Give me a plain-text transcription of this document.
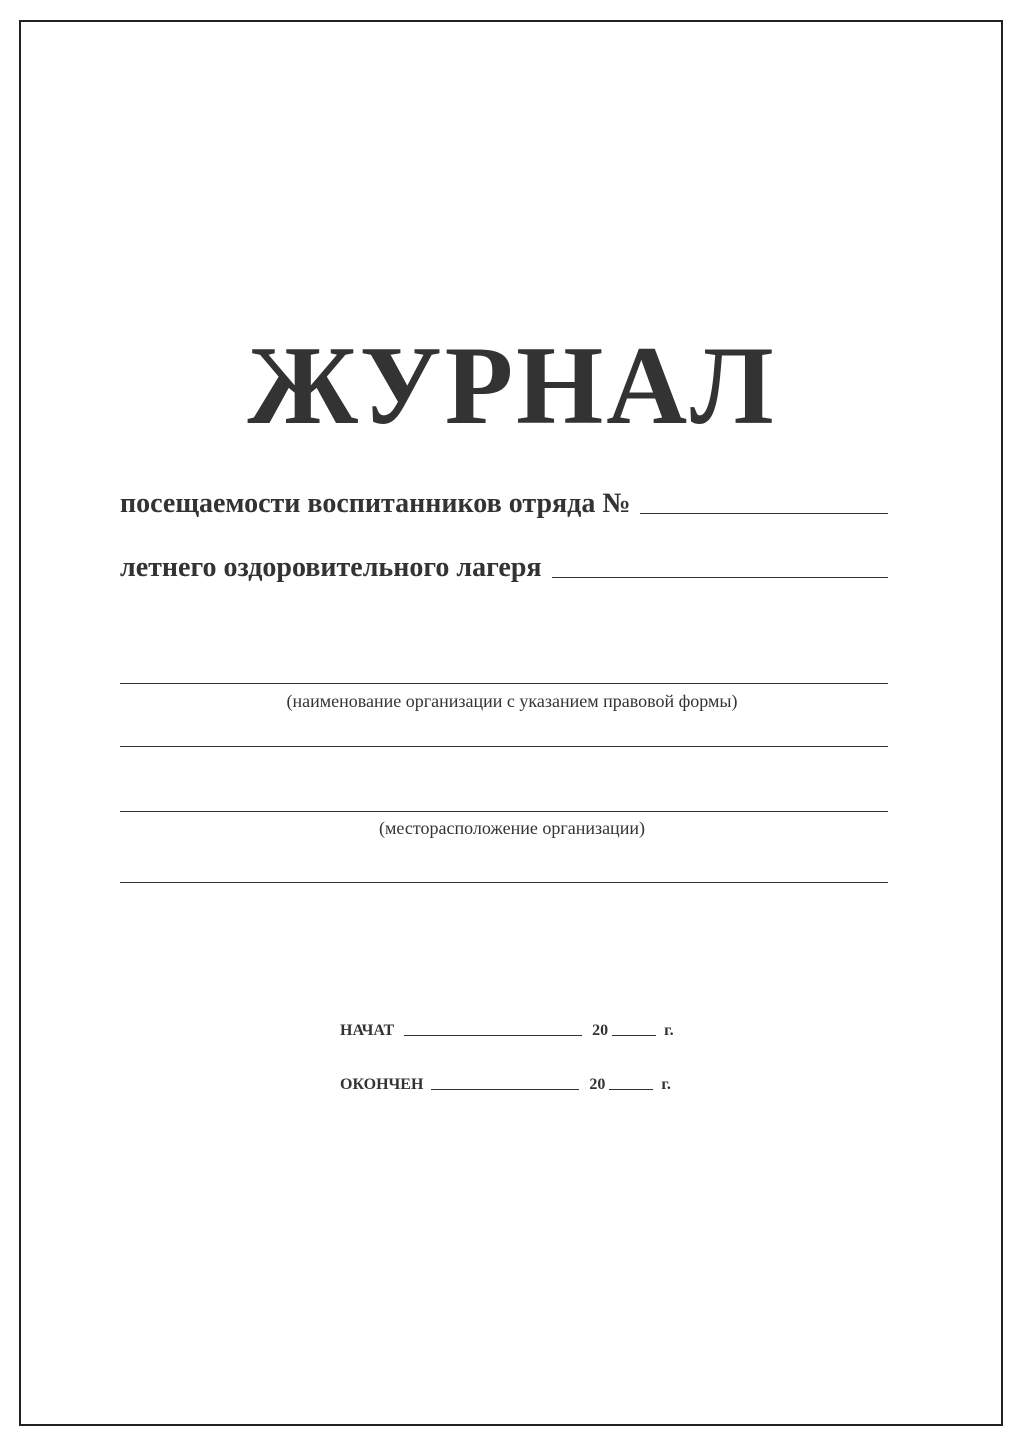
ЖУРНАЛ
посещаемости воспитанников отряда №
летнего оздоровительного лагеря
(наименование организации с указанием правовой формы)
(месторасположение организации)
НАЧАТ	20	г.
ОКОНЧЕН	20	г.
